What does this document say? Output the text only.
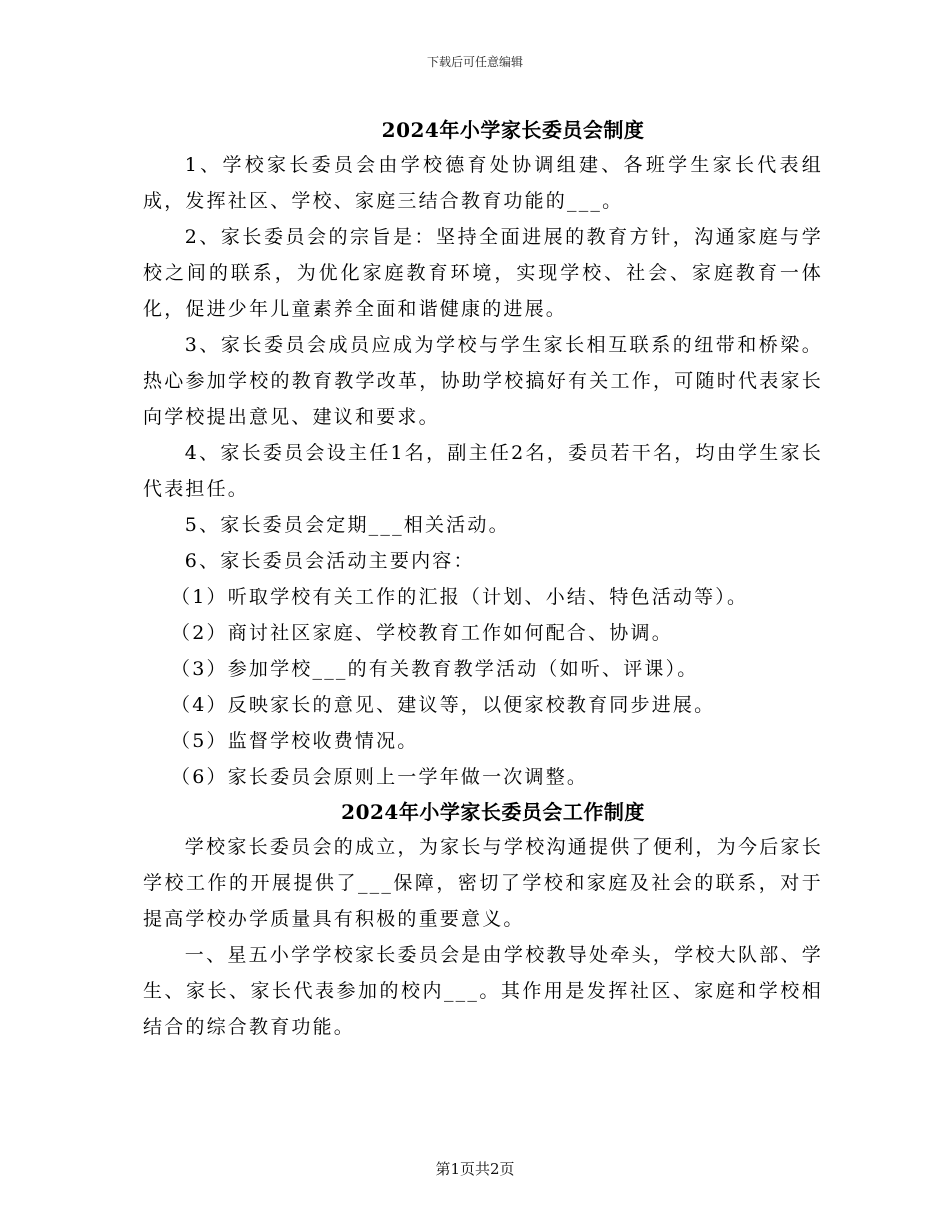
下载后可任意编辑
2024年小学家长委员会制度

1、学校家长委员会由学校德育处协调组建、各班学生家长代表组成，发挥社区、学校、家庭三结合教育功能的___。

2、家长委员会的宗旨是：坚持全面进展的教育方针，沟通家庭与学校之间的联系，为优化家庭教育环境，实现学校、社会、家庭教育一体化，促进少年儿童素养全面和谐健康的进展。

3、家长委员会成员应成为学校与学生家长相互联系的纽带和桥梁。热心参加学校的教育教学改革，协助学校搞好有关工作，可随时代表家长向学校提出意见、建议和要求。

4、家长委员会设主任1名，副主任2名，委员若干名，均由学生家长代表担任。

5、家长委员会定期___相关活动。

6、家长委员会活动主要内容：

（1）听取学校有关工作的汇报（计划、小结、特色活动等）。

（2）商讨社区家庭、学校教育工作如何配合、协调。

（3）参加学校___的有关教育教学活动（如听、评课）。

（4）反映家长的意见、建议等，以便家校教育同步进展。

（5）监督学校收费情况。

（6）家长委员会原则上一学年做一次调整。

2024年小学家长委员会工作制度

学校家长委员会的成立，为家长与学校沟通提供了便利，为今后家长学校工作的开展提供了___保障，密切了学校和家庭及社会的联系，对于提高学校办学质量具有积极的重要意义。

一、星五小学学校家长委员会是由学校教导处牵头，学校大队部、学生、家长、家长代表参加的校内___。其作用是发挥社区、家庭和学校相结合的综合教育功能。

第1页共2页
